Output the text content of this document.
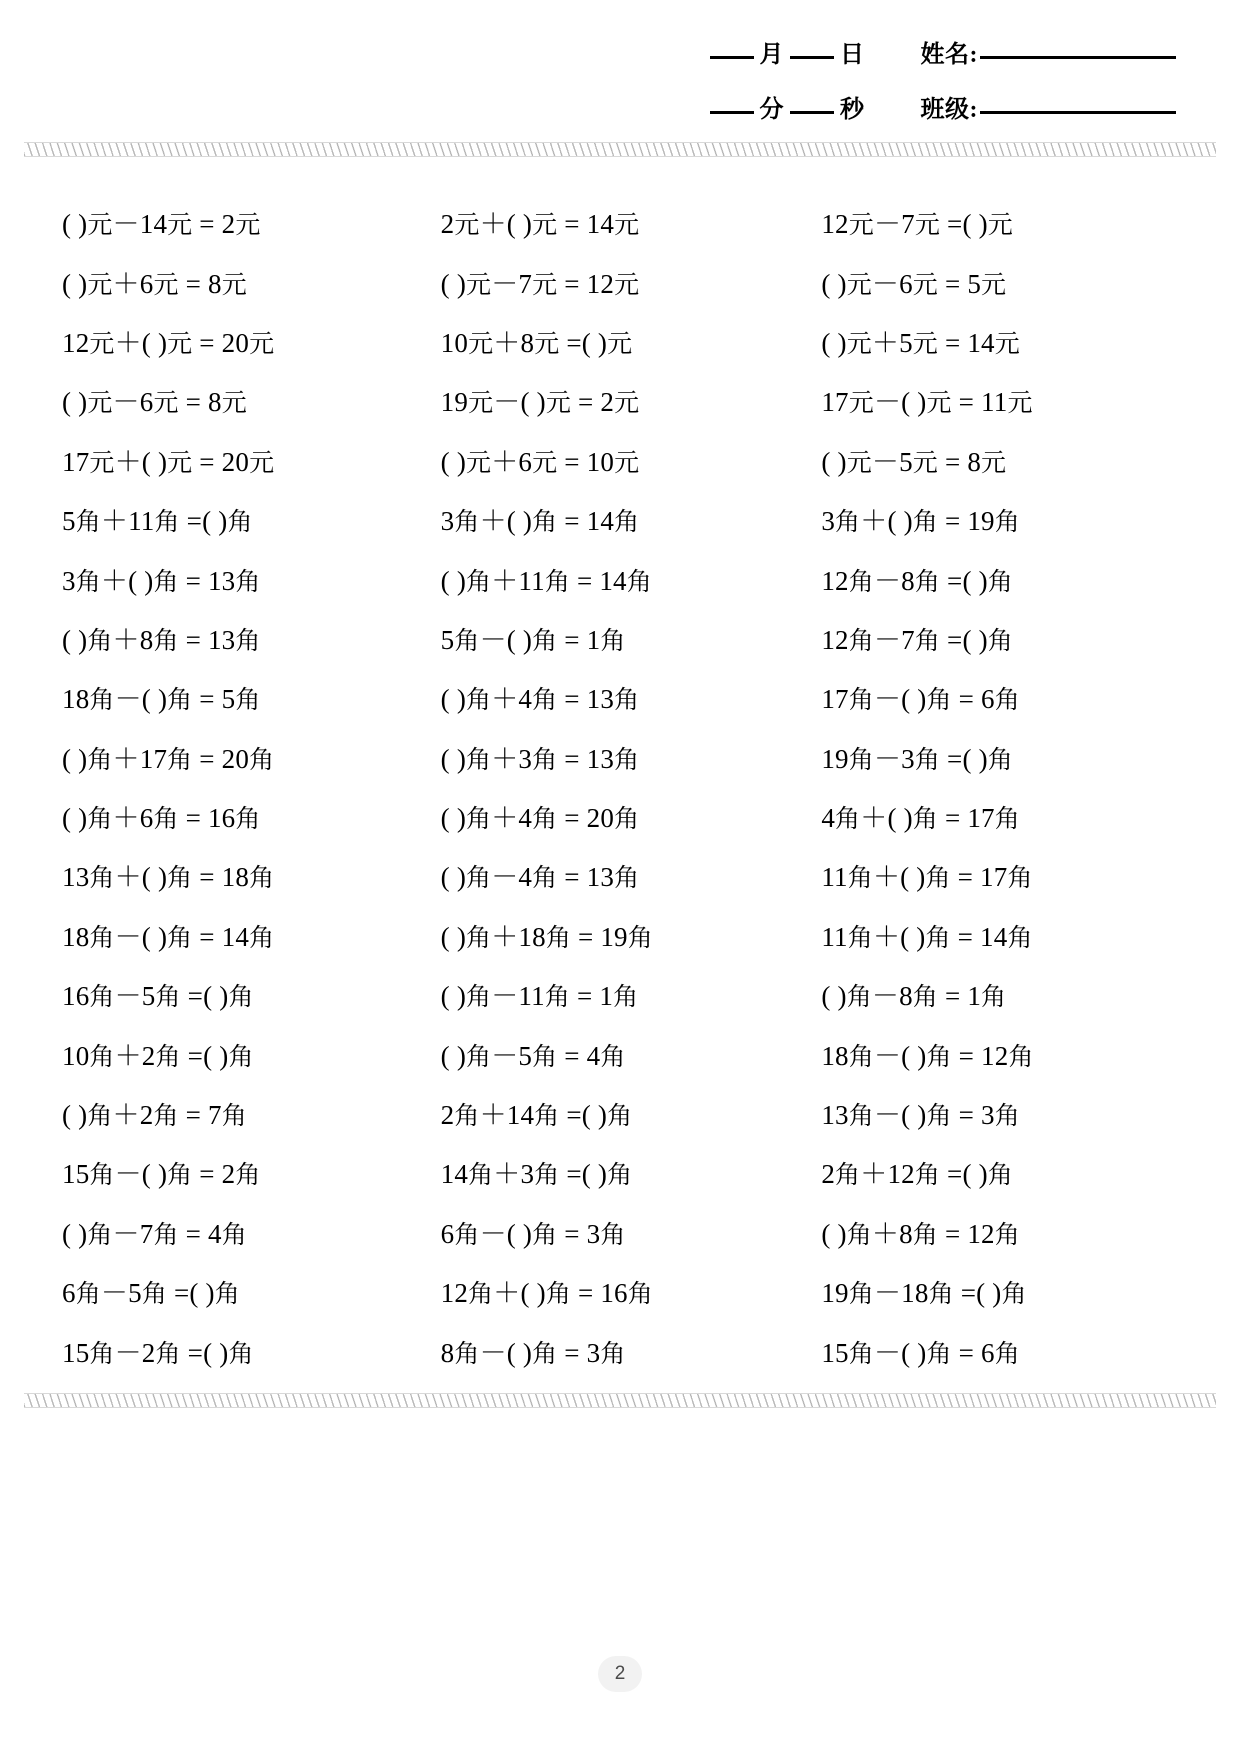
月 日 姓名:
分 秒 班级:
( )元－14元 = 2元	2元＋( )元 = 14元	12元－7元 =( )元
( )元＋6元 = 8元	( )元－7元 = 12元	( )元－6元 = 5元
12元＋( )元 = 20元	10元＋8元 =( )元	( )元＋5元 = 14元
( )元－6元 = 8元	19元－( )元 = 2元	17元－( )元 = 11元
17元＋( )元 = 20元	( )元＋6元 = 10元	( )元－5元 = 8元
5角＋11角 =( )角	3角＋( )角 = 14角	3角＋( )角 = 19角
3角＋( )角 = 13角	( )角＋11角 = 14角	12角－8角 =( )角
( )角＋8角 = 13角	5角－( )角 = 1角	12角－7角 =( )角
18角－( )角 = 5角	( )角＋4角 = 13角	17角－( )角 = 6角
( )角＋17角 = 20角	( )角＋3角 = 13角	19角－3角 =( )角
( )角＋6角 = 16角	( )角＋4角 = 20角	4角＋( )角 = 17角
13角＋( )角 = 18角	( )角－4角 = 13角	11角＋( )角 = 17角
18角－( )角 = 14角	( )角＋18角 = 19角	11角＋( )角 = 14角
16角－5角 =( )角	( )角－11角 = 1角	( )角－8角 = 1角
10角＋2角 =( )角	( )角－5角 = 4角	18角－( )角 = 12角
( )角＋2角 = 7角	2角＋14角 =( )角	13角－( )角 = 3角
15角－( )角 = 2角	14角＋3角 =( )角	2角＋12角 =( )角
( )角－7角 = 4角	6角－( )角 = 3角	( )角＋8角 = 12角
6角－5角 =( )角	12角＋( )角 = 16角	19角－18角 =( )角
15角－2角 =( )角	8角－( )角 = 3角	15角－( )角 = 6角
2
